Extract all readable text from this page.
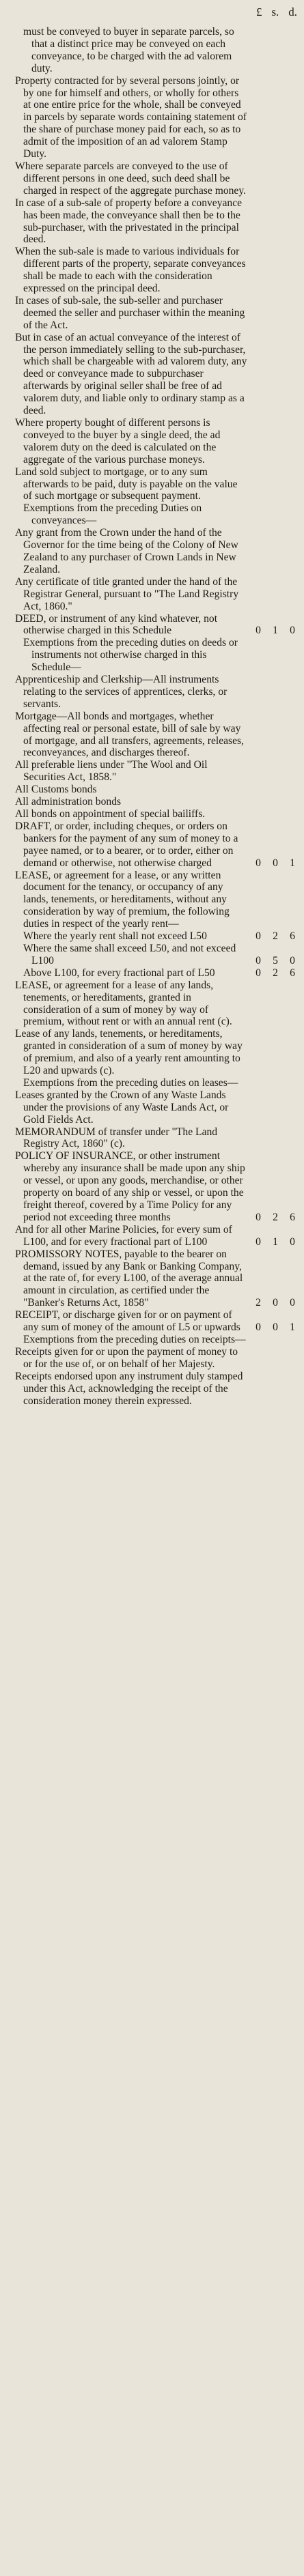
£ s. d.
must be conveyed to buyer in separate parcels, so that a distinct price may be conveyed on each conveyance, to be charged with the ad valorem duty.
Property contracted for by several persons jointly, or by one for himself and others, or wholly for others at one entire price for the whole, shall be conveyed in parcels by separate words containing statement of the share of purchase money paid for each, so as to admit of the imposition of an ad valorem Stamp Duty.
Where separate parcels are conveyed to the use of different persons in one deed, such deed shall be charged in respect of the aggregate purchase money.
In case of a sub-sale of property before a conveyance has been made, the conveyance shall then be to the sub-purchaser, with the privestated in the principal deed.
When the sub-sale is made to various individuals for different parts of the property, separate conveyances shall be made to each with the consideration expressed on the principal deed.
In cases of sub-sale, the sub-seller and purchaser deemed the seller and purchaser within the meaning of the Act.
But in case of an actual conveyance of the interest of the person immediately selling to the sub-purchaser, which shall be chargeable with ad valorem duty, any deed or conveyance made to subpurchaser afterwards by original seller shall be free of ad valorem duty, and liable only to ordinary stamp as a deed.
Where property bought of different persons is conveyed to the buyer by a single deed, the ad valorem duty on the deed is calculated on the aggregate of the various purchase moneys.
Land sold subject to mortgage, or to any sum afterwards to be paid, duty is payable on the value of such mortgage or subsequent payment.
Exemptions from the preceding Duties on conveyances—
Any grant from the Crown under the hand of the Governor for the time being of the Colony of New Zealand to any purchaser of Crown Lands in New Zealand.
Any certificate of title granted under the hand of the Registrar General, pursuant to "The Land Registry Act, 1860."
DEED, or instrument of any kind whatever, not otherwise charged in this Schedule	0	1	0
Exemptions from the preceding duties on deeds or instruments not otherwise charged in this Schedule—
Apprenticeship and Clerkship—All instruments relating to the services of apprentices, clerks, or servants.
Mortgage—All bonds and mortgages, whether affecting real or personal estate, bill of sale by way of mortgage, and all transfers, agreements, releases, reconveyances, and discharges thereof.
All preferable liens under "The Wool and Oil Securities Act, 1858."
All Customs bonds
All administration bonds
All bonds on appointment of special bailiffs.
DRAFT, or order, including cheques, or orders on bankers for the payment of any sum of money to a payee named, or to a bearer, or to order, either on demand or otherwise, not otherwise charged	0	0	1
LEASE, or agreement for a lease, or any written document for the tenancy, or occupancy of any lands, tenements, or hereditaments, without any consideration by way of premium, the following duties in respect of the yearly rent—
Where the yearly rent shall not exceed L50	0	2	6
Where the same shall exceed L50, and not exceed L100	0	5	0
Above L100, for every fractional part of L50	0	2	6
LEASE, or agreement for a lease of any lands, tenements, or hereditaments, granted in consideration of a sum of money by way of premium, without rent or with an annual rent (c).
Lease of any lands, tenements, or hereditaments, granted in consideration of a sum of money by way of premium, and also of a yearly rent amounting to L20 and upwards (c).
Exemptions from the preceding duties on leases—
Leases granted by the Crown of any Waste Lands under the provisions of any Waste Lands Act, or Gold Fields Act.
MEMORANDUM of transfer under "The Land Registry Act, 1860" (c).
POLICY OF INSURANCE, or other instrument whereby any insurance shall be made upon any ship or vessel, or upon any goods, merchandise, or other property on board of any ship or vessel, or upon the freight thereof, covered by a Time Policy for any period not exceeding three months	0	2	6
And for all other Marine Policies, for every sum of L100, and for every fractional part of L100	0	1	0
PROMISSORY NOTES, payable to the bearer on demand, issued by any Bank or Banking Company, at the rate of, for every L100, of the average annual amount in circulation, as certified under the "Banker's Returns Act, 1858"	2	0	0
RECEIPT, or discharge given for or on payment of any sum of money of the amount of L5 or upwards	0	0	1
Exemptions from the preceding duties on receipts—
Receipts given for or upon the payment of money to or for the use of, or on behalf of her Majesty.
Receipts endorsed upon any instrument duly stamped under this Act, acknowledging the receipt of the consideration money therein expressed.
